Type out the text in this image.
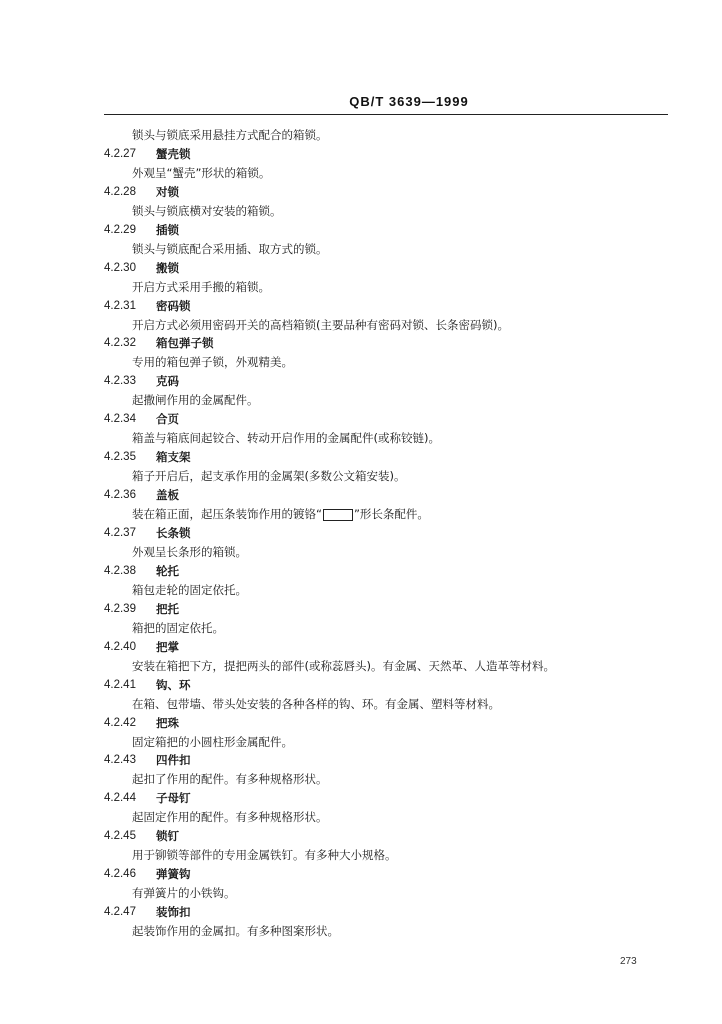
QB/T 3639—1999
锁头与锁底采用悬挂方式配合的箱锁。
4.2.27	蟹壳锁
外观呈“蟹壳”形状的箱锁。
4.2.28	对锁
锁头与锁底横对安装的箱锁。
4.2.29	插锁
锁头与锁底配合采用插、取方式的锁。
4.2.30	搬锁
开启方式采用手搬的箱锁。
4.2.31	密码锁
开启方式必须用密码开关的高档箱锁(主要品种有密码对锁、长条密码锁)。
4.2.32	箱包弹子锁
专用的箱包弹子锁，外观精美。
4.2.33	克码
起撒闸作用的金属配件。
4.2.34	合页
箱盖与箱底间起铰合、转动开启作用的金属配件(或称铰链)。
4.2.35	箱支架
箱子开启后，起支承作用的金属架(多数公文箱安装)。
4.2.36	盖板
装在箱正面，起压条装饰作用的镀铬“	”形长条配件。
4.2.37	长条锁
外观呈长条形的箱锁。
4.2.38	轮托
箱包走轮的固定依托。
4.2.39	把托
箱把的固定依托。
4.2.40	把掌
安装在箱把下方，提把两头的部件(或称蕊唇头)。有金属、天然革、人造革等材料。
4.2.41	钩、环
在箱、包带墙、带头处安装的各种各样的钩、环。有金属、塑料等材料。
4.2.42	把珠
固定箱把的小圆柱形金属配件。
4.2.43	四件扣
起扣了作用的配件。有多种规格形状。
4.2.44	子母钉
起固定作用的配件。有多种规格形状。
4.2.45	锁钉
用于铆锁等部件的专用金属铁钉。有多种大小规格。
4.2.46	弹簧钩
有弹簧片的小铁钩。
4.2.47	装饰扣
起装饰作用的金属扣。有多种图案形状。
273
